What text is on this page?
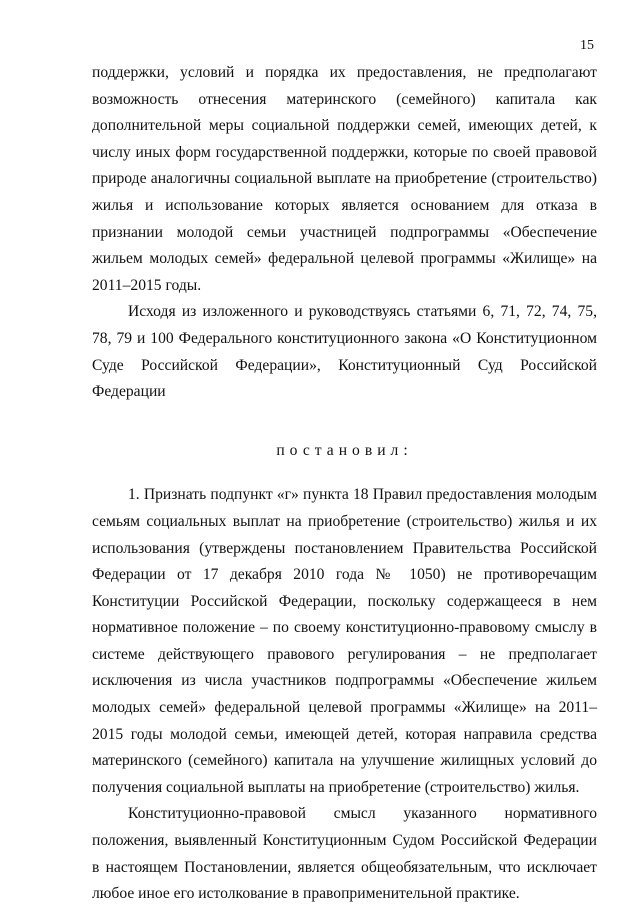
15

поддержки, условий и порядка их предоставления, не предполагают возможность отнесения материнского (семейного) капитала как дополнительной меры социальной поддержки семей, имеющих детей, к числу иных форм государственной поддержки, которые по своей правовой природе аналогичны социальной выплате на приобретение (строительство) жилья и использование которых является основанием для отказа в признании молодой семьи участницей подпрограммы «Обеспечение жильем молодых семей» федеральной целевой программы «Жилище» на 2011–2015 годы.

Исходя из изложенного и руководствуясь статьями 6, 71, 72, 74, 75, 78, 79 и 100 Федерального конституционного закона «О Конституционном Суде Российской Федерации», Конституционный Суд Российской Федерации

постановил:

1. Признать подпункт «г» пункта 18 Правил предоставления молодым семьям социальных выплат на приобретение (строительство) жилья и их использования (утверждены постановлением Правительства Российской Федерации от 17 декабря 2010 года № 1050) не противоречащим Конституции Российской Федерации, поскольку содержащееся в нем нормативное положение – по своему конституционно-правовому смыслу в системе действующего правового регулирования – не предполагает исключения из числа участников подпрограммы «Обеспечение жильем молодых семей» федеральной целевой программы «Жилище» на 2011–2015 годы молодой семьи, имеющей детей, которая направила средства материнского (семейного) капитала на улучшение жилищных условий до получения социальной выплаты на приобретение (строительство) жилья.

Конституционно-правовой смысл указанного нормативного положения, выявленный Конституционным Судом Российской Федерации в настоящем Постановлении, является общеобязательным, что исключает любое иное его истолкование в правоприменительной практике.
